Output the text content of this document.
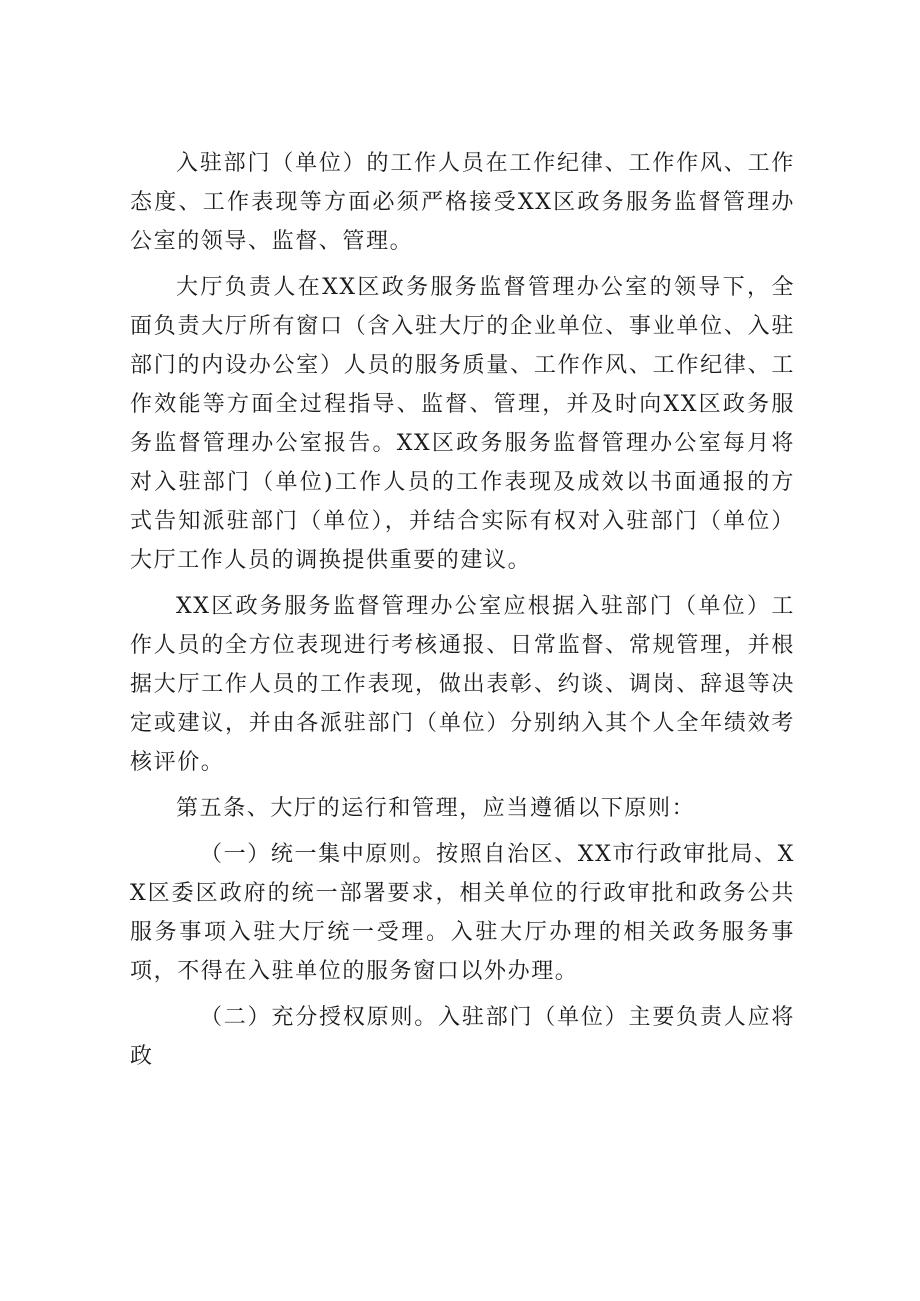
入驻部门（单位）的工作人员在工作纪律、工作作风、工作态度、工作表现等方面必须严格接受XX区政务服务监督管理办公室的领导、监督、管理。

大厅负责人在XX区政务服务监督管理办公室的领导下，全面负责大厅所有窗口（含入驻大厅的企业单位、事业单位、入驻部门的内设办公室）人员的服务质量、工作作风、工作纪律、工作效能等方面全过程指导、监督、管理，并及时向XX区政务服务监督管理办公室报告。XX区政务服务监督管理办公室每月将对入驻部门（单位)工作人员的工作表现及成效以书面通报的方式告知派驻部门（单位），并结合实际有权对入驻部门（单位）大厅工作人员的调换提供重要的建议。

XX区政务服务监督管理办公室应根据入驻部门（单位）工作人员的全方位表现进行考核通报、日常监督、常规管理，并根据大厅工作人员的工作表现，做出表彰、约谈、调岗、辞退等决定或建议，并由各派驻部门（单位）分别纳入其个人全年绩效考核评价。

第五条、大厅的运行和管理，应当遵循以下原则：

（一）统一集中原则。按照自治区、XX市行政审批局、XX区委区政府的统一部署要求，相关单位的行政审批和政务公共服务事项入驻大厅统一受理。入驻大厅办理的相关政务服务事项，不得在入驻单位的服务窗口以外办理。

（二）充分授权原则。入驻部门（单位）主要负责人应将政
